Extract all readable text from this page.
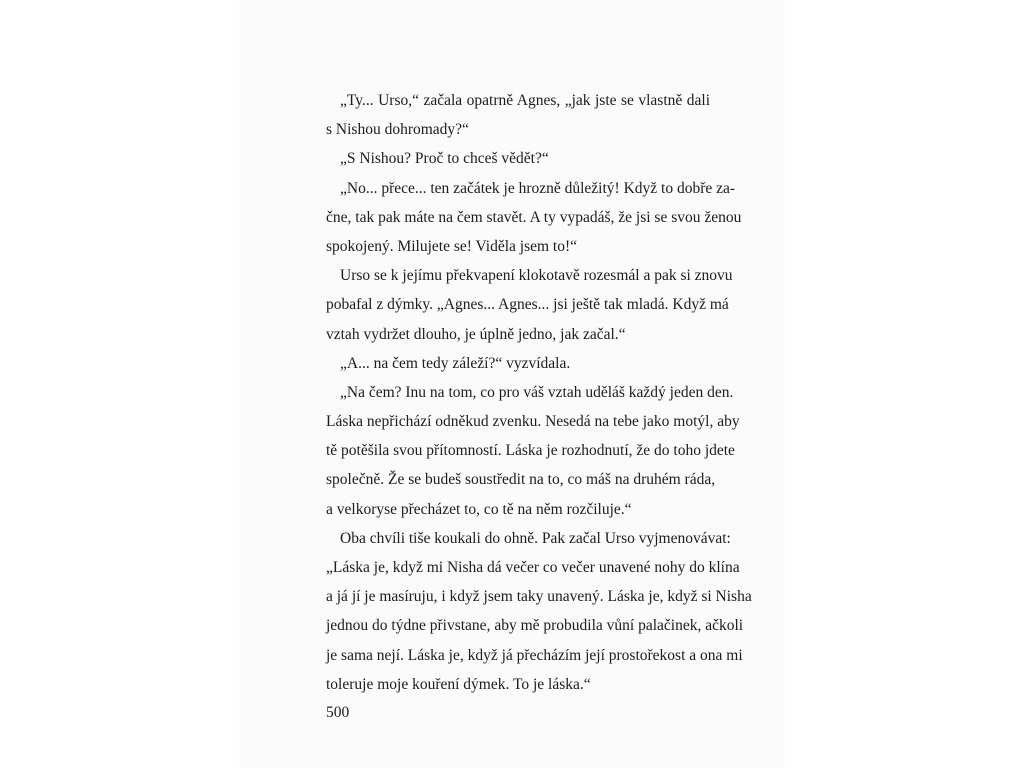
„Ty... Urso,“ začala opatrně Agnes, „jak jste se vlastně dali
s Nishou dohromady?“
„S Nishou? Proč to chceš vědět?“
„No... přece... ten začátek je hrozně důležitý! Když to dobře za-
čne, tak pak máte na čem stavět. A ty vypadáš, že jsi se svou ženou
spokojený. Milujete se! Viděla jsem to!“
Urso se k jejímu překvapení klokotavě rozesmál a pak si znovu
pobafal z dýmky. „Agnes... Agnes... jsi ještě tak mladá. Když má
vztah vydržet dlouho, je úplně jedno, jak začal.“
„A... na čem tedy záleží?“ vyzvídala.
„Na čem? Inu na tom, co pro váš vztah uděláš každý jeden den.
Láska nepřichází odněkud zvenku. Nesedá na tebe jako motýl, aby
tě potěšila svou přítomností. Láska je rozhodnutí, že do toho jdete
společně. Že se budeš soustředit na to, co máš na druhém ráda,
a velkoryse přecházet to, co tě na něm rozčiluje.“
Oba chvíli tiše koukali do ohně. Pak začal Urso vyjmenovávat:
„Láska je, když mi Nisha dá večer co večer unavené nohy do klína
a já jí je masíruju, i když jsem taky unavený. Láska je, když si Nisha
jednou do týdne přivstane, aby mě probudila vůní palačinek, ačkoli
je sama nejí. Láska je, když já přecházím její prostořekost a ona mi
toleruje moje kouření dýmek. To je láska.“
500
